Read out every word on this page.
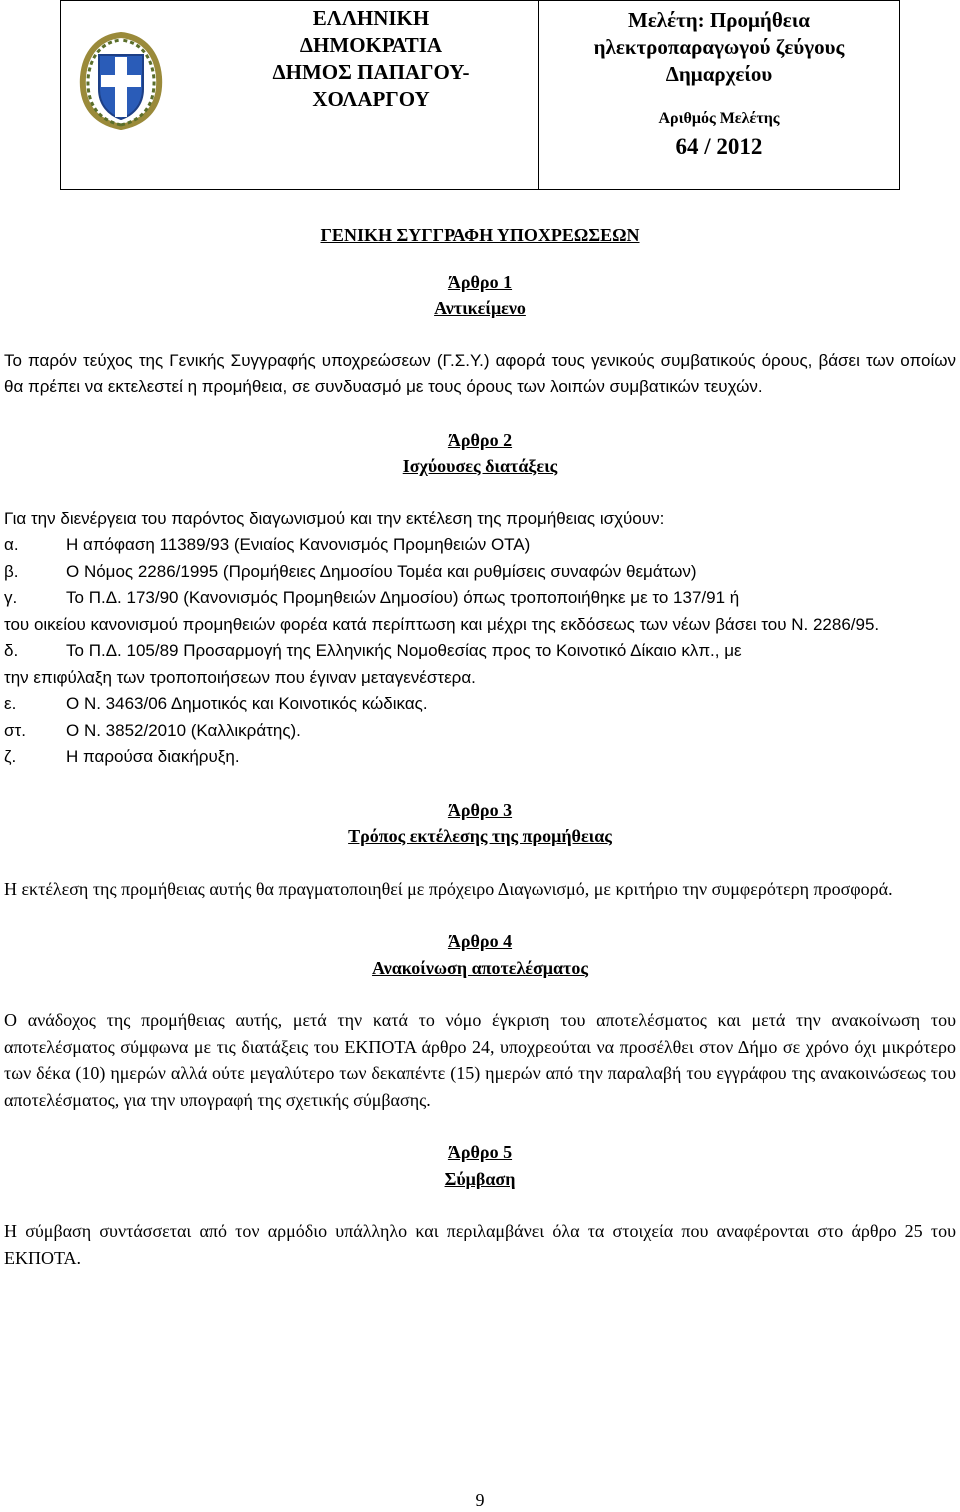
ΕΛΛΗΝΙΚΗ
ΔΗΜΟΚΡΑΤΙΑ
ΔΗΜΟΣ ΠΑΠΑΓΟΥ-
ΧΟΛΑΡΓΟΥ
Μελέτη: Προμήθεια
ηλεκτροπαραγωγού ζεύγους
Δημαρχείου
Αριθμός Μελέτης
64 / 2012
ΓΕΝΙΚΗ ΣΥΓΓΡΑΦΗ ΥΠΟΧΡΕΩΣΕΩΝ
Άρθρο 1
Αντικείμενο
Το παρόν τεύχος της Γενικής Συγγραφής υποχρεώσεων (Γ.Σ.Υ.) αφορά τους γενικούς συμβατικούς όρους, βάσει των οποίων θα πρέπει να εκτελεστεί η προμήθεια, σε συνδυασμό με τους όρους των λοιπών συμβατικών τευχών.
Άρθρο 2
Ισχύουσες διατάξεις
Για την διενέργεια του παρόντος διαγωνισμού και την εκτέλεση της προμήθειας ισχύουν:
α.	Η απόφαση 11389/93 (Ενιαίος Κανονισμός Προμηθειών ΟΤΑ)
β.	Ο Νόμος 2286/1995 (Προμήθειες Δημοσίου Τομέα και ρυθμίσεις συναφών θεμάτων)
γ.	Το Π.Δ. 173/90 (Κανονισμός Προμηθειών Δημοσίου) όπως τροποποιήθηκε με το 137/91 ή
του οικείου κανονισμού προμηθειών φορέα κατά περίπτωση και μέχρι της εκδόσεως των νέων βάσει του Ν. 2286/95.
δ.	Το Π.Δ. 105/89 Προσαρμογή της Ελληνικής Νομοθεσίας προς το Κοινοτικό Δίκαιο κλπ., με
την επιφύλαξη των τροποποιήσεων που έγιναν μεταγενέστερα.
ε.	Ο Ν. 3463/06 Δημοτικός και Κοινοτικός κώδικας.
στ.	Ο Ν. 3852/2010 (Καλλικράτης).
ζ.	Η παρούσα διακήρυξη.
Άρθρο 3
Τρόπος εκτέλεσης της προμήθειας
Η εκτέλεση της προμήθειας αυτής θα πραγματοποιηθεί με πρόχειρο Διαγωνισμό, με κριτήριο την συμφερότερη προσφορά.
Άρθρο 4
Ανακοίνωση αποτελέσματος
Ο ανάδοχος της προμήθειας αυτής, μετά την κατά το νόμο έγκριση του αποτελέσματος και μετά την ανακοίνωση του αποτελέσματος σύμφωνα με τις διατάξεις του ΕΚΠΟΤΑ άρθρο 24, υποχρεούται να προσέλθει στον Δήμο σε χρόνο όχι μικρότερο των δέκα (10) ημερών αλλά ούτε μεγαλύτερο των δεκαπέντε (15) ημερών από την παραλαβή του εγγράφου της ανακοινώσεως του αποτελέσματος, για την υπογραφή της σχετικής σύμβασης.
Άρθρο 5
Σύμβαση
Η σύμβαση συντάσσεται από τον αρμόδιο υπάλληλο και περιλαμβάνει όλα τα στοιχεία που αναφέρονται στο άρθρο 25 του ΕΚΠΟΤΑ.
9
